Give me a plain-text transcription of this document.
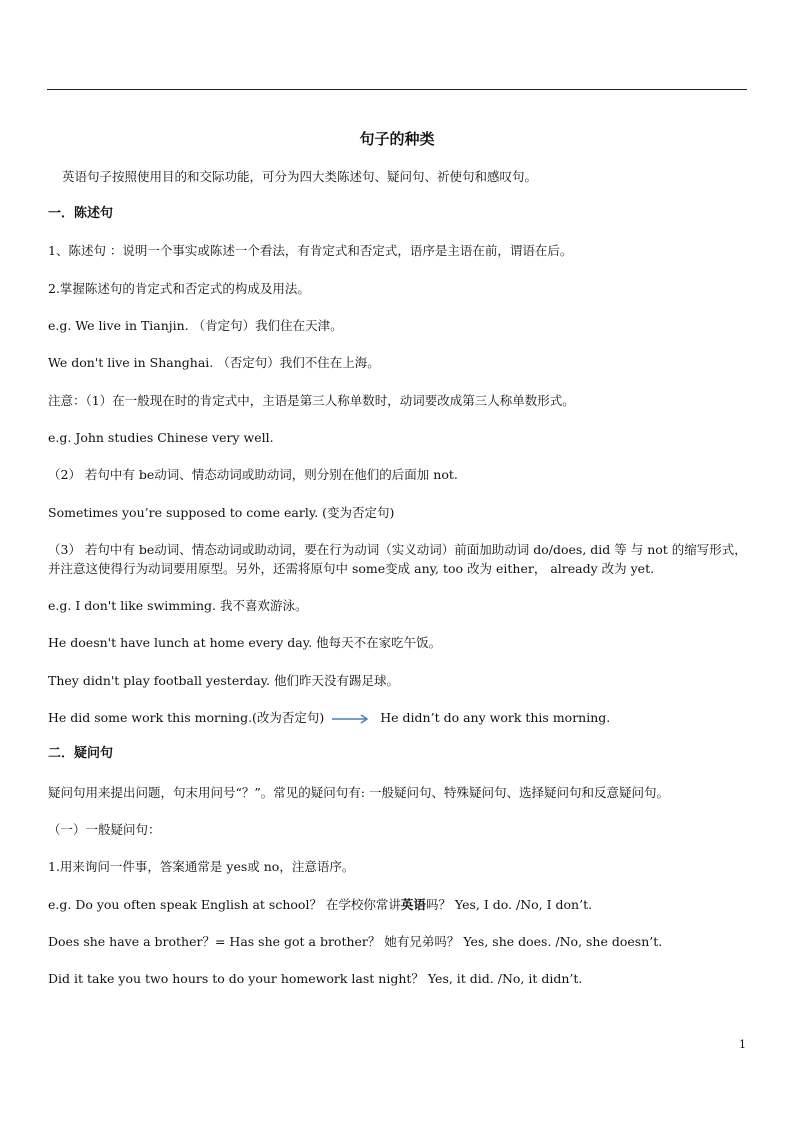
句子的种类
英语句子按照使用目的和交际功能，可分为四大类陈述句、疑问句、祈使句和感叹句。
一．陈述句
1、陈述句 ：说明一个事实或陈述一个看法，有肯定式和否定式，语序是主语在前，谓语在后。
2.掌握陈述句的肯定式和否定式的构成及用法。
e.g. We live in Tianjin. （肯定句）我们住在天津。
We don't live in Shanghai. （否定句）我们不住在上海。
注意：（1）在一般现在时的肯定式中，主语是第三人称单数时，动词要改成第三人称单数形式。
e.g. John studies Chinese very well.
（2） 若句中有 be动词、情态动词或助动词，则分别在他们的后面加 not.
Sometimes you’re supposed to come early. (变为否定句)
（3） 若句中有 be动词、情态动词或助动词，要在行为动词（实义动词）前面加助动词 do/does, did 等 与 not 的缩写形式，并注意这使得行为动词要用原型。另外，还需将原句中 some变成 any, too 改为 either， already 改为 yet.
e.g. I don't like swimming. 我不喜欢游泳。
He doesn't have lunch at home every day. 他每天不在家吃午饭。
They didn't play football yesterday. 他们昨天没有踢足球。
He did some work this morning.(改为否定句)	He didn’t do any work this morning.
二．疑问句
疑问句用来提出问题，句末用问号“？”。常见的疑问句有: 一般疑问句、特殊疑问句、选择疑问句和反意疑问句。
（一）一般疑问句：
1.用来询问一件事，答案通常是 yes或 no，注意语序。
e.g. Do you often speak English at school？ 在学校你常讲英语吗？ Yes, I do. /No, I don’t.
Does she have a brother？= Has she got a brother？ 她有兄弟吗？ Yes, she does. /No, she doesn’t.
Did it take you two hours to do your homework last night？ Yes, it did. /No, it didn’t.
1
